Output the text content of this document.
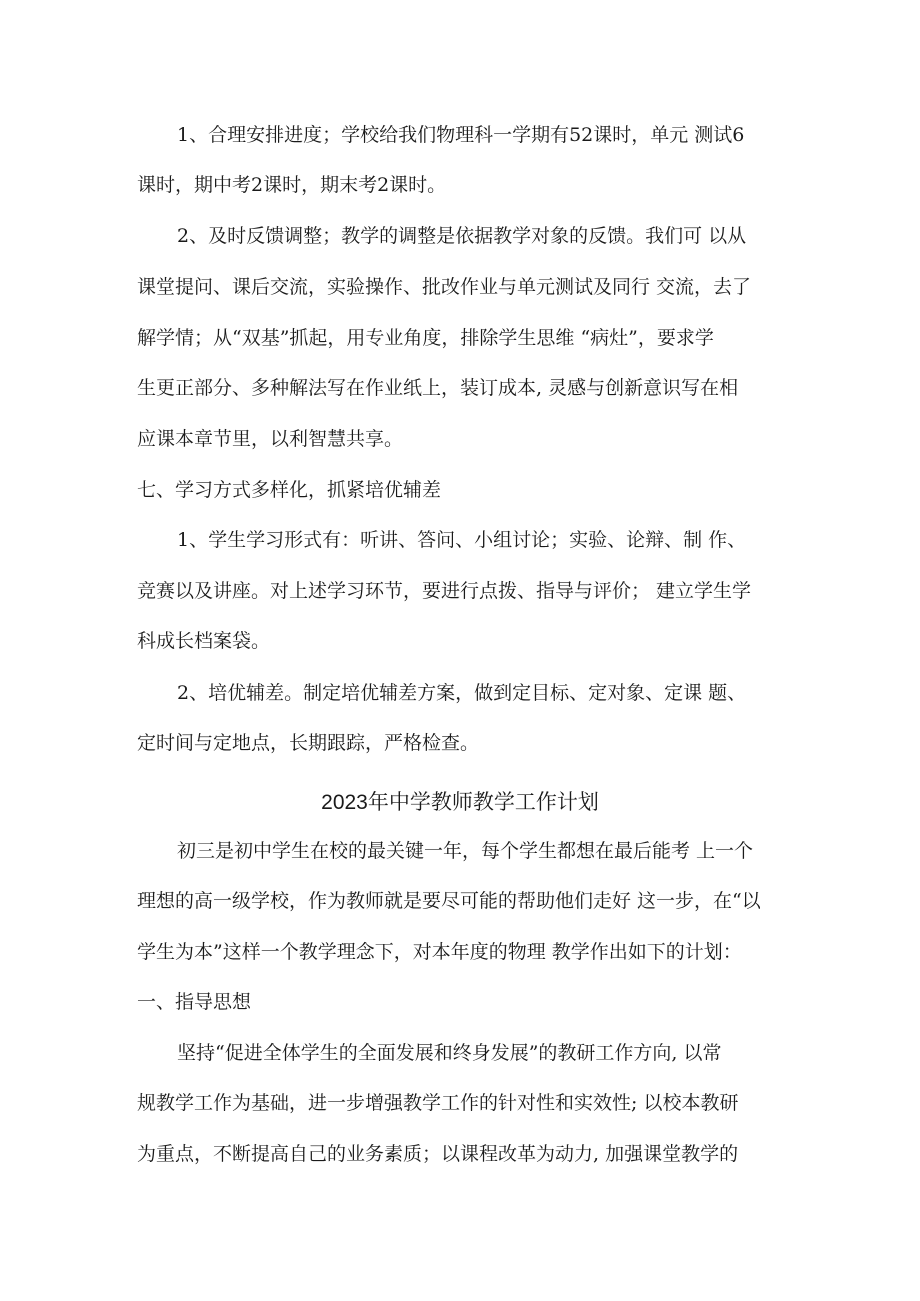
1、合理安排进度；学校给我们物理科一学期有52课时，单元 测试6
课时，期中考2课时，期末考2课时。
2、及时反馈调整；教学的调整是依据教学对象的反馈。我们可 以从
课堂提问、课后交流，实验操作、批改作业与单元测试及同行 交流，去了
解学情；从“双基”抓起，用专业角度，排除学生思维 “病灶”，要求学
生更正部分、多种解法写在作业纸上，装订成本, 灵感与创新意识写在相
应课本章节里，以利智慧共享。
七、学习方式多样化，抓紧培优辅差
1、学生学习形式有：听讲、答问、小组讨论；实验、论辩、制 作、
竞赛以及讲座。对上述学习环节，要进行点拨、指导与评价； 建立学生学
科成长档案袋。
2、培优辅差。制定培优辅差方案，做到定目标、定对象、定课 题、
定时间与定地点，长期跟踪，严格检查。
2023年中学教师教学工作计划
初三是初中学生在校的最关键一年，每个学生都想在最后能考 上一个
理想的高一级学校，作为教师就是要尽可能的帮助他们走好 这一步，在“以
学生为本”这样一个教学理念下，对本年度的物理 教学作出如下的计划：
一、指导思想
坚持“促进全体学生的全面发展和终身发展”的教研工作方向, 以常
规教学工作为基础，进一步增强教学工作的针对性和实效性; 以校本教研
为重点，不断提高自己的业务素质；以课程改革为动力, 加强课堂教学的
